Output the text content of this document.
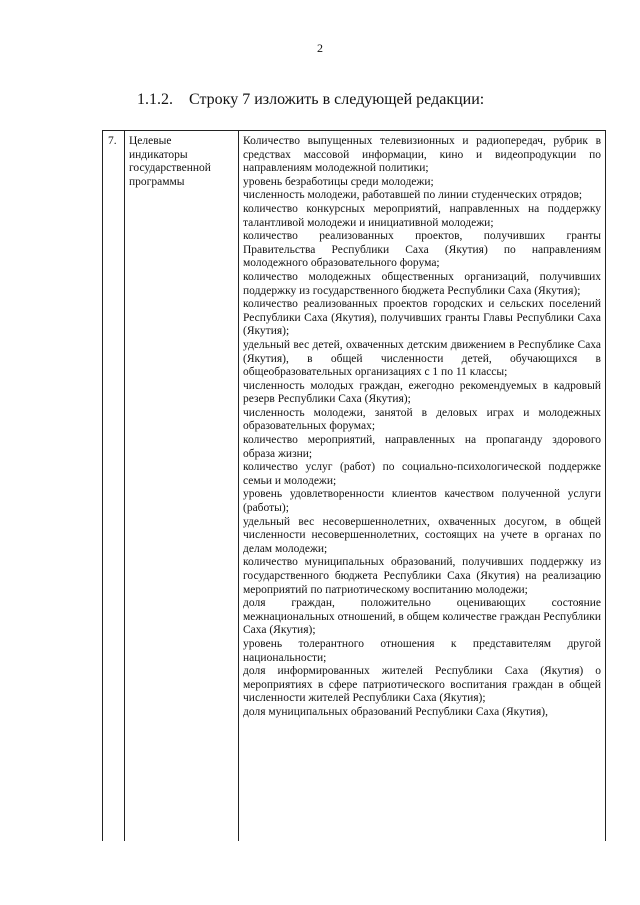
2
1.1.2. Строку 7 изложить в следующей редакции:
7. Целевые
индикаторы
государственной
программы
Количество выпущенных телевизионных и радиопередач, рубрик в средствах массовой информации, кино и видеопродукции по направлениям молодежной политики;
уровень безработицы среди молодежи;
численность молодежи, работавшей по линии студенческих отрядов;
количество конкурсных мероприятий, направленных на поддержку талантливой молодежи и инициативной молодежи;
количество реализованных проектов, получивших гранты Правительства Республики Саха (Якутия) по направлениям молодежного образовательного форума;
количество молодежных общественных организаций, получивших поддержку из государственного бюджета Республики Саха (Якутия);
количество реализованных проектов городских и сельских поселений Республики Саха (Якутия), получивших гранты Главы Республики Саха (Якутия);
удельный вес детей, охваченных детским движением в Республике Саха (Якутия), в общей численности детей, обучающихся в общеобразовательных организациях с 1 по 11 классы;
численность молодых граждан, ежегодно рекомендуемых в кадровый резерв Республики Саха (Якутия);
численность молодежи, занятой в деловых играх и молодежных образовательных форумах;
количество мероприятий, направленных на пропаганду здорового образа жизни;
количество услуг (работ) по социально-психологической поддержке семьи и молодежи;
уровень удовлетворенности клиентов качеством полученной услуги (работы);
удельный вес несовершеннолетних, охваченных досугом, в общей численности несовершеннолетних, состоящих на учете в органах по делам молодежи;
количество муниципальных образований, получивших поддержку из государственного бюджета Республики Саха (Якутия) на реализацию мероприятий по патриотическому воспитанию молодежи;
доля граждан, положительно оценивающих состояние межнациональных отношений, в общем количестве граждан Республики Саха (Якутия);
уровень толерантного отношения к представителям другой национальности;
доля информированных жителей Республики Саха (Якутия) о мероприятиях в сфере патриотического воспитания граждан в общей численности жителей Республики Саха (Якутия);
доля муниципальных образований Республики Саха (Якутия),
